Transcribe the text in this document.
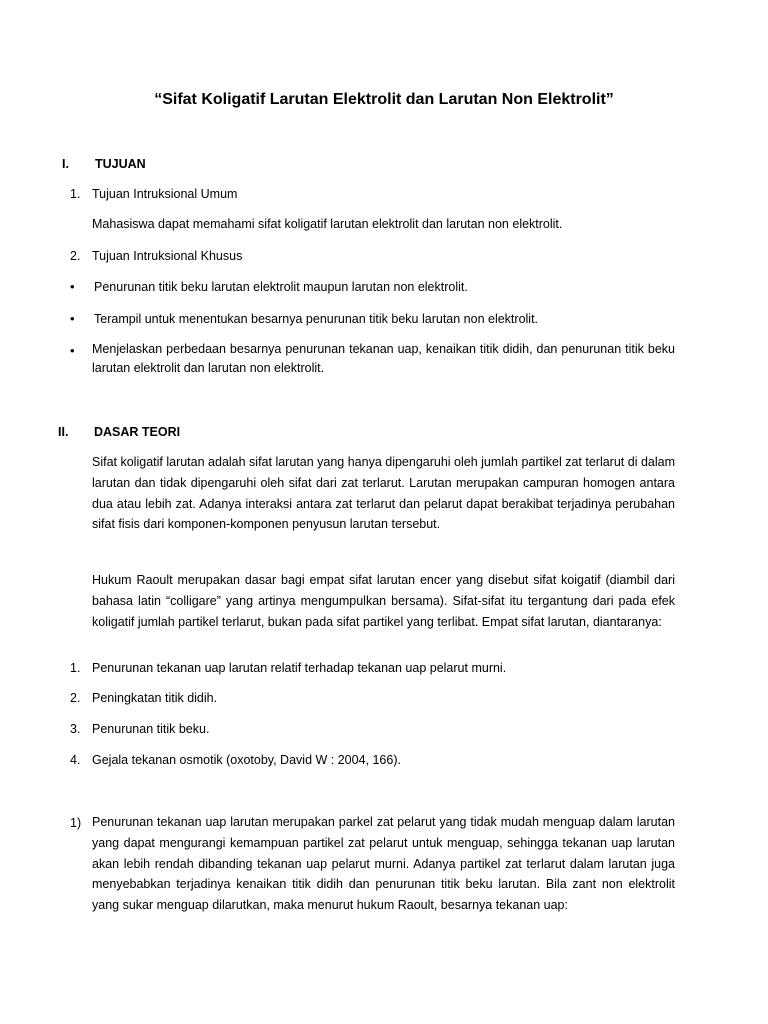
“Sifat Koligatif Larutan Elektrolit dan Larutan Non Elektrolit”
I. TUJUAN
1. Tujuan Intruksional Umum
Mahasiswa dapat memahami sifat koligatif larutan elektrolit dan larutan non elektrolit.
2. Tujuan Intruksional Khusus
• Penurunan titik beku larutan elektrolit maupun larutan non elektrolit.
• Terampil untuk menentukan besarnya penurunan titik beku larutan non elektrolit.
• Menjelaskan perbedaan besarnya penurunan tekanan uap, kenaikan titik didih, dan penurunan titik beku larutan elektrolit dan larutan non elektrolit.
II. DASAR TEORI
Sifat koligatif larutan adalah sifat larutan yang hanya dipengaruhi oleh jumlah partikel zat terlarut di dalam larutan dan tidak dipengaruhi oleh sifat dari zat terlarut. Larutan merupakan campuran homogen antara dua atau lebih zat. Adanya interaksi antara zat terlarut dan pelarut dapat berakibat terjadinya perubahan sifat fisis dari komponen-komponen penyusun larutan tersebut.
Hukum Raoult merupakan dasar bagi empat sifat larutan encer yang disebut sifat koigatif (diambil dari bahasa latin “colligare” yang artinya mengumpulkan bersama). Sifat-sifat itu tergantung dari pada efek koligatif jumlah partikel terlarut, bukan pada sifat partikel yang terlibat. Empat sifat larutan, diantaranya:
1. Penurunan tekanan uap larutan relatif terhadap tekanan uap pelarut murni.
2. Peningkatan titik didih.
3. Penurunan titik beku.
4. Gejala tekanan osmotik (oxotoby, David W : 2004, 166).
1) Penurunan tekanan uap larutan merupakan parkel zat pelarut yang tidak mudah menguap dalam larutan yang dapat mengurangi kemampuan partikel zat pelarut untuk menguap, sehingga tekanan uap larutan akan lebih rendah dibanding tekanan uap pelarut murni. Adanya partikel zat terlarut dalam larutan juga menyebabkan terjadinya kenaikan titik didih dan penurunan titik beku larutan. Bila zant non elektrolit yang sukar menguap dilarutkan, maka menurut hukum Raoult, besarnya tekanan uap:
